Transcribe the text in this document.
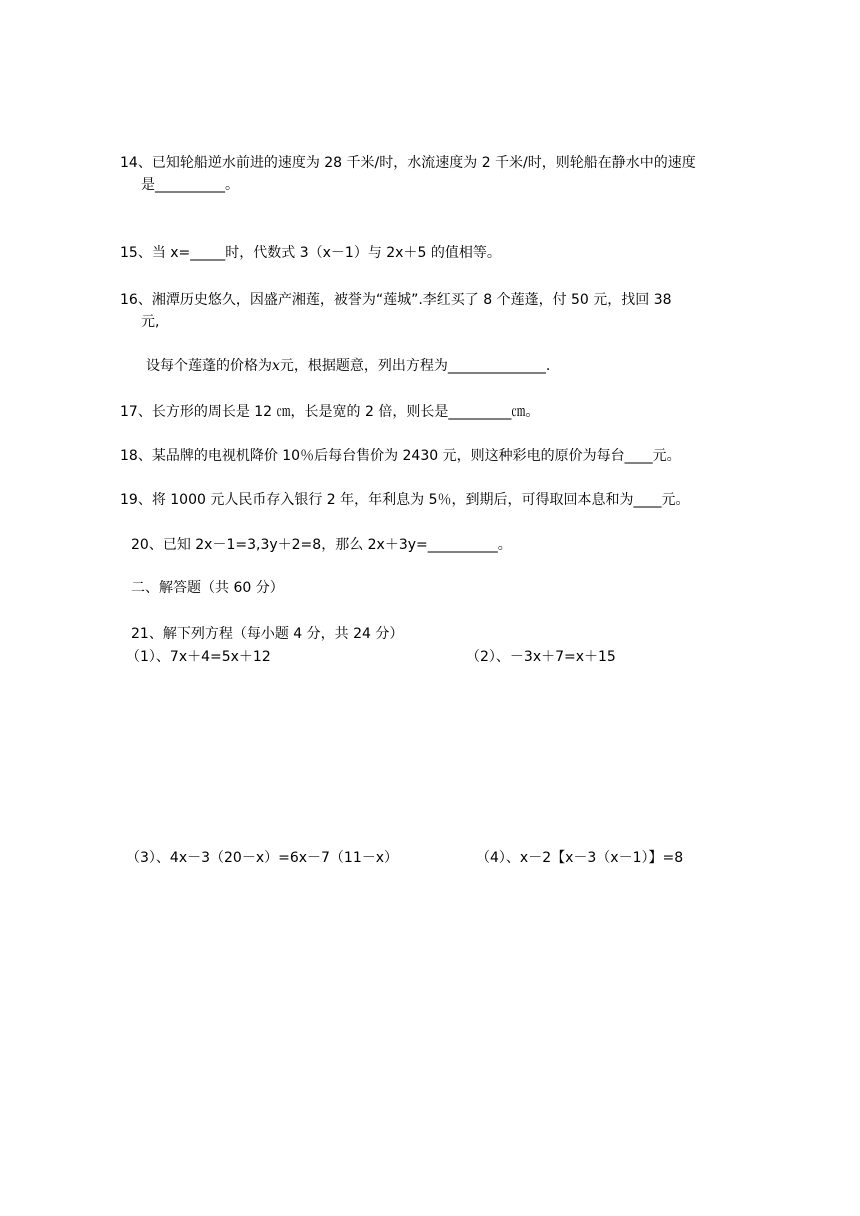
14、已知轮船逆水前进的速度为 28 千米/时，水流速度为 2 千米/时，则轮船在静水中的速度
是__________。
15、当 x=_____时，代数式 3（x－1）与 2x＋5 的值相等。
16、湘潭历史悠久，因盛产湘莲，被誉为“莲城”.李红买了 8 个莲蓬，付 50 元，找回 38
元,
设每个莲蓬的价格为x元，根据题意，列出方程为______________.
17、长方形的周长是 12 ㎝，长是宽的 2 倍，则长是_________㎝。
18、某品牌的电视机降价 10％后每台售价为 2430 元，则这种彩电的原价为每台____元。
19、将 1000 元人民币存入银行 2 年，年利息为 5％，到期后，可得取回本息和为____元。
20、已知 2x－1=3,3y＋2=8，那么 2x＋3y=__________。
二、解答题（共 60 分）
21、解下列方程（每小题 4 分，共 24 分）
（1）、7x＋4=5x＋12	（2）、－3x＋7=x＋15
（3）、4x－3（20－x）=6x－7（11－x）	（4）、x－2【x－3（x－1）】=8
